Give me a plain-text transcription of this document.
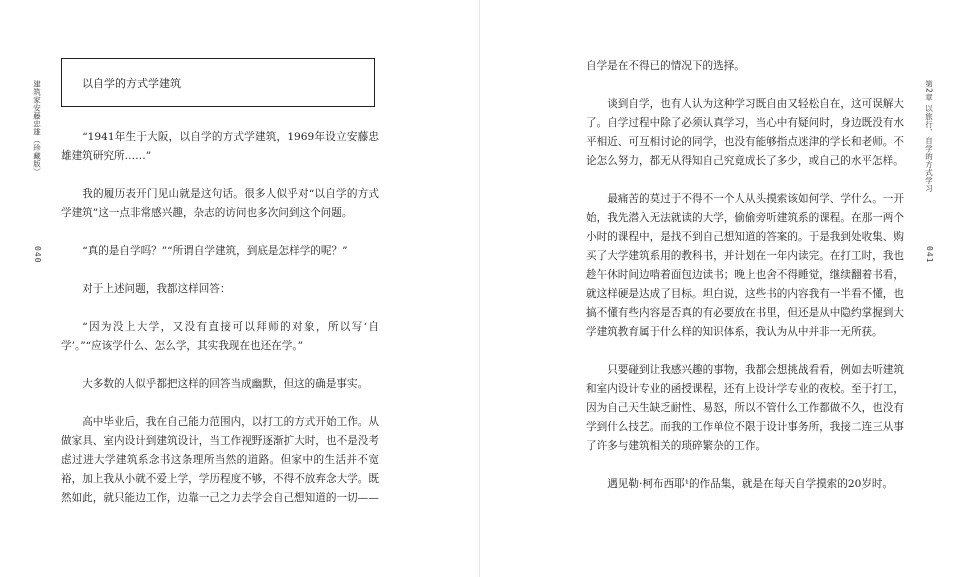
建筑家安藤忠雄（珍藏版）
040
以自学的方式学建筑

“1941年生于大阪，以自学的方式学建筑，1969年设立安藤忠雄建筑研究所……”

我的履历表开门见山就是这句话。很多人似乎对“以自学的方式学建筑”这一点非常感兴趣，杂志的访问也多次问到这个问题。

“真的是自学吗？”“所谓自学建筑，到底是怎样学的呢？”

对于上述问题，我都这样回答：

“因为没上大学，又没有直接可以拜师的对象，所以写‘自学’。”“应该学什么、怎么学，其实我现在也还在学。”

大多数的人似乎都把这样的回答当成幽默，但这的确是事实。

高中毕业后，我在自己能力范围内，以打工的方式开始工作。从做家具、室内设计到建筑设计，当工作视野逐渐扩大时，也不是没考虑过进大学建筑系念书这条理所当然的道路。但家中的生活并不宽裕，加上我从小就不爱上学，学历程度不够，不得不放弃念大学。既然如此，就只能边工作，边靠一己之力去学会自己想知道的一切——

第2章 以旅行、自学的方式学习
041

自学是在不得已的情况下的选择。

谈到自学，也有人认为这种学习既自由又轻松自在，这可误解大了。自学过程中除了必须认真学习，当心中有疑问时，身边既没有水平相近、可互相讨论的同学，也没有能够指点迷津的学长和老师。不论怎么努力，都无从得知自己究竟成长了多少，或自己的水平怎样。

最痛苦的莫过于不得不一个人从头摸索该如何学、学什么。一开始，我先潜入无法就读的大学，偷偷旁听建筑系的课程。在那一两个小时的课程中，是找不到自己想知道的答案的。于是我到处收集、购买了大学建筑系用的教科书，并计划在一年内读完。在打工时，我也趁午休时间边啃着面包边读书；晚上也舍不得睡觉，继续翻着书看，就这样硬是达成了目标。坦白说，这些书的内容我有一半看不懂，也搞不懂有些内容是否真的有必要放在书里，但还是从中隐约掌握到大学建筑教育属于什么样的知识体系，我认为从中并非一无所获。

只要碰到让我感兴趣的事物，我都会想挑战看看，例如去听建筑和室内设计专业的函授课程，还有上设计学专业的夜校。至于打工，因为自己天生缺乏耐性、易怒，所以不管什么工作都做不久，也没有学到什么技艺。而我的工作单位不限于设计事务所，我接二连三从事了许多与建筑相关的琐碎繁杂的工作。

遇见勒·柯布西耶¹的作品集，就是在每天自学摸索的20岁时。
